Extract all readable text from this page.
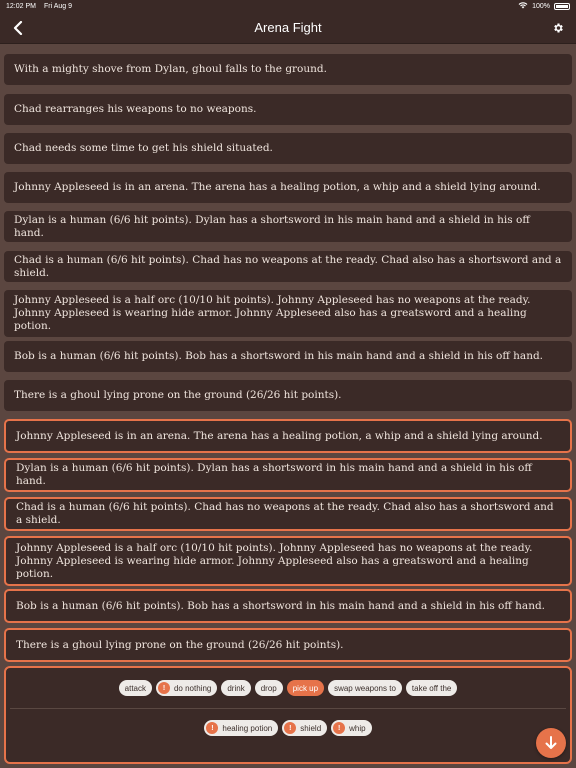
12:02 PM Fri Aug 9	100%
Arena Fight
With a mighty shove from Dylan, ghoul falls to the ground.
Chad rearranges his weapons to no weapons.
Chad needs some time to get his shield situated.
Johnny Appleseed is in an arena. The arena has a healing potion, a whip and a shield lying around.
Dylan is a human (6/6 hit points). Dylan has a shortsword in his main hand and a shield in his off hand.
Chad is a human (6/6 hit points). Chad has no weapons at the ready. Chad also has a shortsword and a shield.
Johnny Appleseed is a half orc (10/10 hit points). Johnny Appleseed has no weapons at the ready. Johnny Appleseed is wearing hide armor. Johnny Appleseed also has a greatsword and a healing potion.
Bob is a human (6/6 hit points). Bob has a shortsword in his main hand and a shield in his off hand.
There is a ghoul lying prone on the ground (26/26 hit points).
Johnny Appleseed is in an arena. The arena has a healing potion, a whip and a shield lying around.
Dylan is a human (6/6 hit points). Dylan has a shortsword in his main hand and a shield in his off hand.
Chad is a human (6/6 hit points). Chad has no weapons at the ready. Chad also has a shortsword and a shield.
Johnny Appleseed is a half orc (10/10 hit points). Johnny Appleseed has no weapons at the ready. Johnny Appleseed is wearing hide armor. Johnny Appleseed also has a greatsword and a healing potion.
Bob is a human (6/6 hit points). Bob has a shortsword in his main hand and a shield in his off hand.
There is a ghoul lying prone on the ground (26/26 hit points).
attack	!	do nothing drink drop pick up swap weapons to take off the
!	healing potion	!	shield	!	whip
